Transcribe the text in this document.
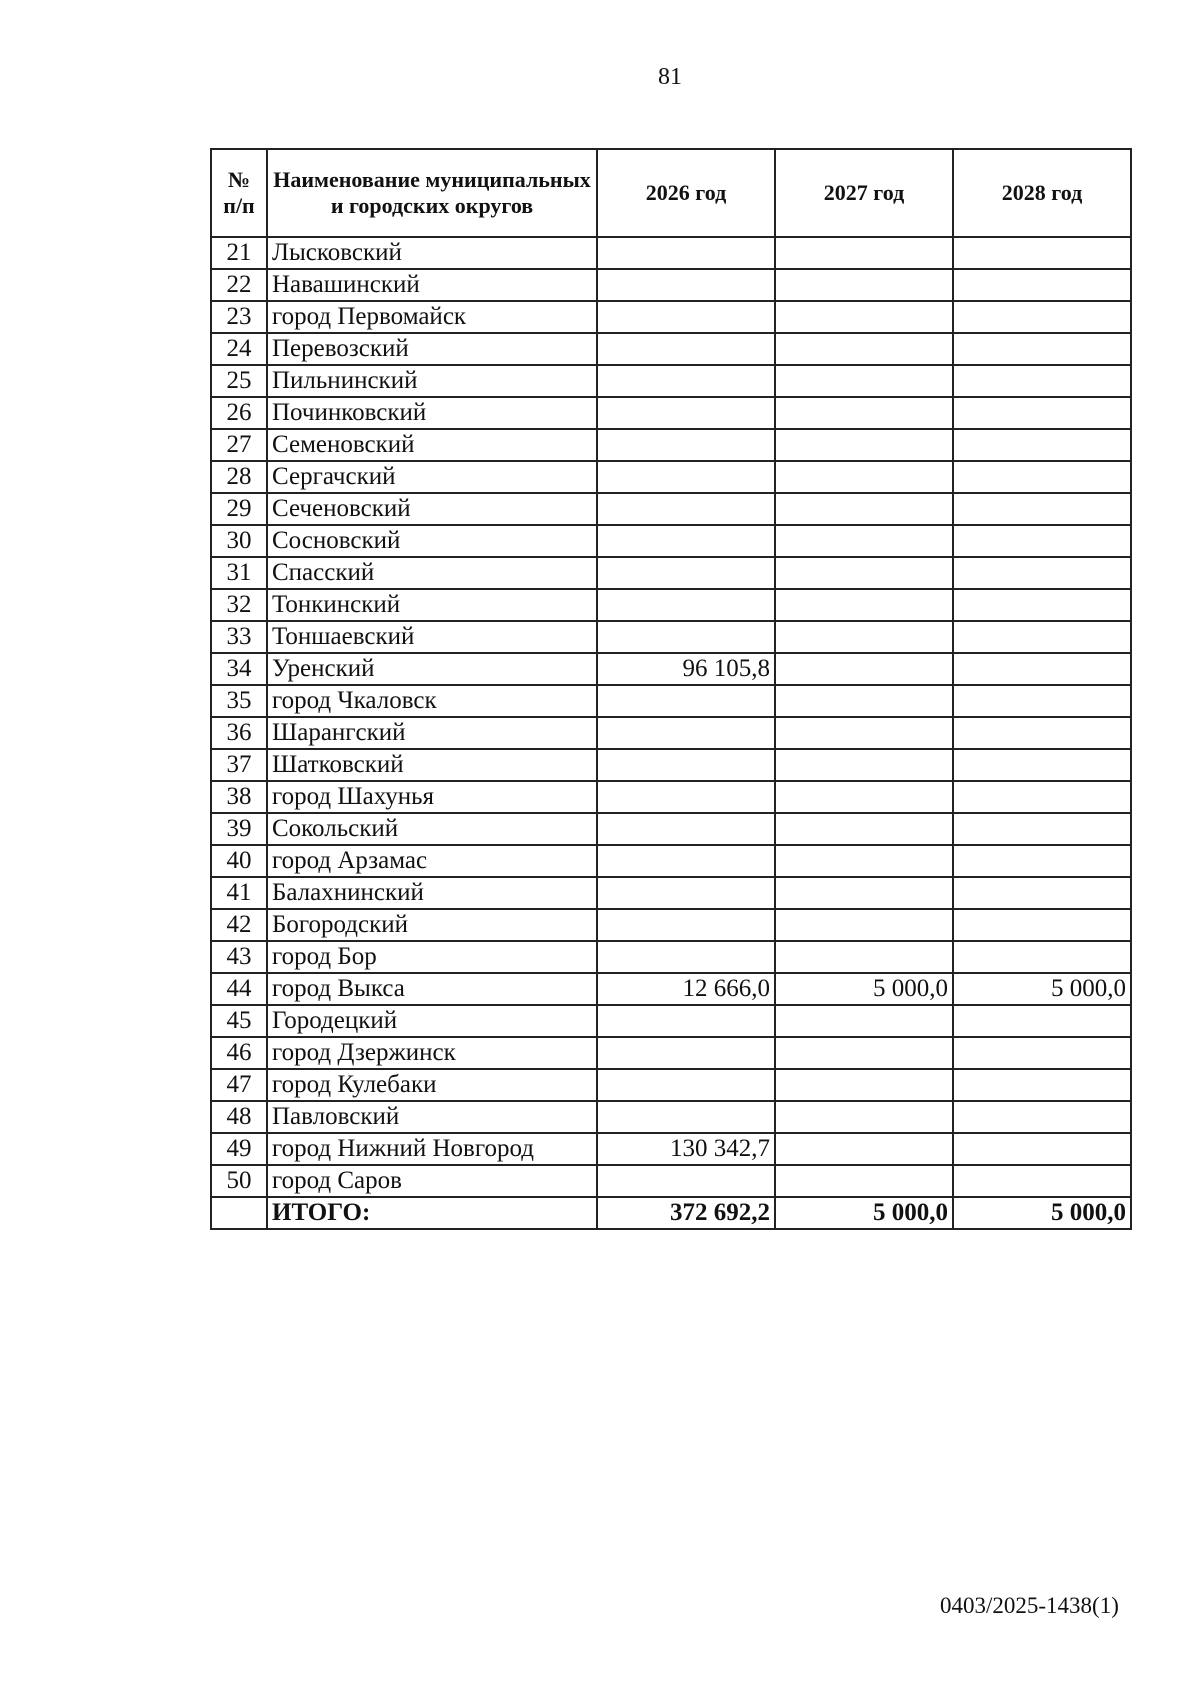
81
№ п/п	Наименование муниципальных и городских округов	2026 год	2027 год	2028 год
21	Лысковский			
22	Навашинский			
23	город Первомайск			
24	Перевозский			
25	Пильнинский			
26	Починковский			
27	Семеновский			
28	Сергачский			
29	Сеченовский			
30	Сосновский			
31	Спасский			
32	Тонкинский			
33	Тоншаевский			
34	Уренский	96 105,8		
35	город Чкаловск			
36	Шарангский			
37	Шатковский			
38	город Шахунья			
39	Сокольский			
40	город Арзамас			
41	Балахнинский			
42	Богородский			
43	город Бор			
44	город Выкса	12 666,0	5 000,0	5 000,0
45	Городецкий			
46	город Дзержинск			
47	город Кулебаки			
48	Павловский			
49	город Нижний Новгород	130 342,7		
50	город Саров			
	ИТОГО:	372 692,2	5 000,0	5 000,0
0403/2025-1438(1)
